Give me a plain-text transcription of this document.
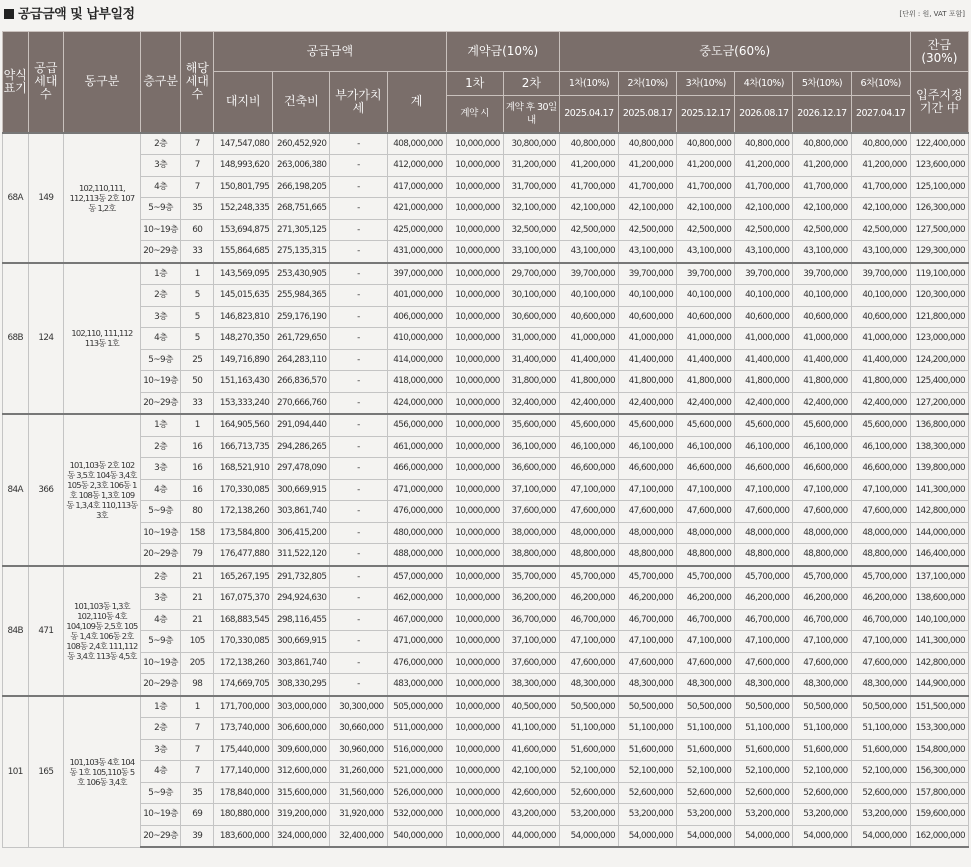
공급금액 및 납부일정	[단위 : 원, VAT 포함]
약식표기	공급세대수	동구분	층구분	해당세대수	공급금액				계약금(10%)		중도금(60%)						잔금(30%)
					대지비	건축비	부가가치세	계	1차	2차	1차(10%)	2차(10%)	3차(10%)	4차(10%)	5차(10%)	6차(10%)	입주지정기간 中
									계약 시	계약 후 30일 내	2025.04.17	2025.08.17	2025.12.17	2026.08.17	2026.12.17	2027.04.17	
68A	149	102,110,111, 112,113동 2호 107동 1,2호	2층	7	147,547,080	260,452,920	-	408,000,000	10,000,000	30,800,000	40,800,000	40,800,000	40,800,000	40,800,000	40,800,000	40,800,000	122,400,000
			3층	7	148,993,620	263,006,380	-	412,000,000	10,000,000	31,200,000	41,200,000	41,200,000	41,200,000	41,200,000	41,200,000	41,200,000	123,600,000
			4층	7	150,801,795	266,198,205	-	417,000,000	10,000,000	31,700,000	41,700,000	41,700,000	41,700,000	41,700,000	41,700,000	41,700,000	125,100,000
			5~9층	35	152,248,335	268,751,665	-	421,000,000	10,000,000	32,100,000	42,100,000	42,100,000	42,100,000	42,100,000	42,100,000	42,100,000	126,300,000
			10~19층	60	153,694,875	271,305,125	-	425,000,000	10,000,000	32,500,000	42,500,000	42,500,000	42,500,000	42,500,000	42,500,000	42,500,000	127,500,000
			20~29층	33	155,864,685	275,135,315	-	431,000,000	10,000,000	33,100,000	43,100,000	43,100,000	43,100,000	43,100,000	43,100,000	43,100,000	129,300,000
68B	124	102,110, 111,112 113동 1호	1층	1	143,569,095	253,430,905	-	397,000,000	10,000,000	29,700,000	39,700,000	39,700,000	39,700,000	39,700,000	39,700,000	39,700,000	119,100,000
			2층	5	145,015,635	255,984,365	-	401,000,000	10,000,000	30,100,000	40,100,000	40,100,000	40,100,000	40,100,000	40,100,000	40,100,000	120,300,000
			3층	5	146,823,810	259,176,190	-	406,000,000	10,000,000	30,600,000	40,600,000	40,600,000	40,600,000	40,600,000	40,600,000	40,600,000	121,800,000
			4층	5	148,270,350	261,729,650	-	410,000,000	10,000,000	31,000,000	41,000,000	41,000,000	41,000,000	41,000,000	41,000,000	41,000,000	123,000,000
			5~9층	25	149,716,890	264,283,110	-	414,000,000	10,000,000	31,400,000	41,400,000	41,400,000	41,400,000	41,400,000	41,400,000	41,400,000	124,200,000
			10~19층	50	151,163,430	266,836,570	-	418,000,000	10,000,000	31,800,000	41,800,000	41,800,000	41,800,000	41,800,000	41,800,000	41,800,000	125,400,000
			20~29층	33	153,333,240	270,666,760	-	424,000,000	10,000,000	32,400,000	42,400,000	42,400,000	42,400,000	42,400,000	42,400,000	42,400,000	127,200,000
84A	366	101,103동 2호 102동 3,5호 104동 3,4호 105동 2,3호 106동 1호 108동 1,3호 109동 1,3,4호 110,113동 3호	1층	1	164,905,560	291,094,440	-	456,000,000	10,000,000	35,600,000	45,600,000	45,600,000	45,600,000	45,600,000	45,600,000	45,600,000	136,800,000
			2층	16	166,713,735	294,286,265	-	461,000,000	10,000,000	36,100,000	46,100,000	46,100,000	46,100,000	46,100,000	46,100,000	46,100,000	138,300,000
			3층	16	168,521,910	297,478,090	-	466,000,000	10,000,000	36,600,000	46,600,000	46,600,000	46,600,000	46,600,000	46,600,000	46,600,000	139,800,000
			4층	16	170,330,085	300,669,915	-	471,000,000	10,000,000	37,100,000	47,100,000	47,100,000	47,100,000	47,100,000	47,100,000	47,100,000	141,300,000
			5~9층	80	172,138,260	303,861,740	-	476,000,000	10,000,000	37,600,000	47,600,000	47,600,000	47,600,000	47,600,000	47,600,000	47,600,000	142,800,000
			10~19층	158	173,584,800	306,415,200	-	480,000,000	10,000,000	38,000,000	48,000,000	48,000,000	48,000,000	48,000,000	48,000,000	48,000,000	144,000,000
			20~29층	79	176,477,880	311,522,120	-	488,000,000	10,000,000	38,800,000	48,800,000	48,800,000	48,800,000	48,800,000	48,800,000	48,800,000	146,400,000
84B	471	101,103동 1,3호 102,110동 4호 104,109동 2,5호 105동 1,4호 106동 2호 108동 2,4호 111,112동 3,4호 113동 4,5호	2층	21	165,267,195	291,732,805	-	457,000,000	10,000,000	35,700,000	45,700,000	45,700,000	45,700,000	45,700,000	45,700,000	45,700,000	137,100,000
			3층	21	167,075,370	294,924,630	-	462,000,000	10,000,000	36,200,000	46,200,000	46,200,000	46,200,000	46,200,000	46,200,000	46,200,000	138,600,000
			4층	21	168,883,545	298,116,455	-	467,000,000	10,000,000	36,700,000	46,700,000	46,700,000	46,700,000	46,700,000	46,700,000	46,700,000	140,100,000
			5~9층	105	170,330,085	300,669,915	-	471,000,000	10,000,000	37,100,000	47,100,000	47,100,000	47,100,000	47,100,000	47,100,000	47,100,000	141,300,000
			10~19층	205	172,138,260	303,861,740	-	476,000,000	10,000,000	37,600,000	47,600,000	47,600,000	47,600,000	47,600,000	47,600,000	47,600,000	142,800,000
			20~29층	98	174,669,705	308,330,295	-	483,000,000	10,000,000	38,300,000	48,300,000	48,300,000	48,300,000	48,300,000	48,300,000	48,300,000	144,900,000
101	165	101,103동 4호 104동 1호 105,110동 5호 106동 3,4호	1층	1	171,700,000	303,000,000	30,300,000	505,000,000	10,000,000	40,500,000	50,500,000	50,500,000	50,500,000	50,500,000	50,500,000	50,500,000	151,500,000
			2층	7	173,740,000	306,600,000	30,660,000	511,000,000	10,000,000	41,100,000	51,100,000	51,100,000	51,100,000	51,100,000	51,100,000	51,100,000	153,300,000
			3층	7	175,440,000	309,600,000	30,960,000	516,000,000	10,000,000	41,600,000	51,600,000	51,600,000	51,600,000	51,600,000	51,600,000	51,600,000	154,800,000
			4층	7	177,140,000	312,600,000	31,260,000	521,000,000	10,000,000	42,100,000	52,100,000	52,100,000	52,100,000	52,100,000	52,100,000	52,100,000	156,300,000
			5~9층	35	178,840,000	315,600,000	31,560,000	526,000,000	10,000,000	42,600,000	52,600,000	52,600,000	52,600,000	52,600,000	52,600,000	52,600,000	157,800,000
			10~19층	69	180,880,000	319,200,000	31,920,000	532,000,000	10,000,000	43,200,000	53,200,000	53,200,000	53,200,000	53,200,000	53,200,000	53,200,000	159,600,000
			20~29층	39	183,600,000	324,000,000	32,400,000	540,000,000	10,000,000	44,000,000	54,000,000	54,000,000	54,000,000	54,000,000	54,000,000	54,000,000	162,000,000
